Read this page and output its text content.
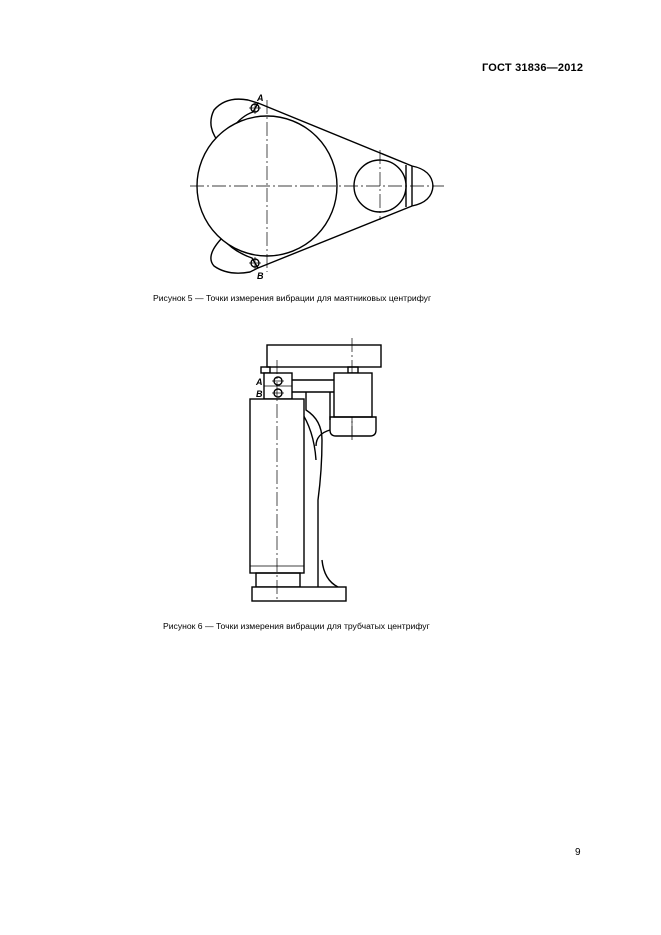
ГОСТ 31836—2012
A
B
Рисунок 5 — Точки измерения вибрации для маятниковых центрифуг
A
B
Рисунок 6 — Точки измерения вибрации для трубчатых центрифуг
9
